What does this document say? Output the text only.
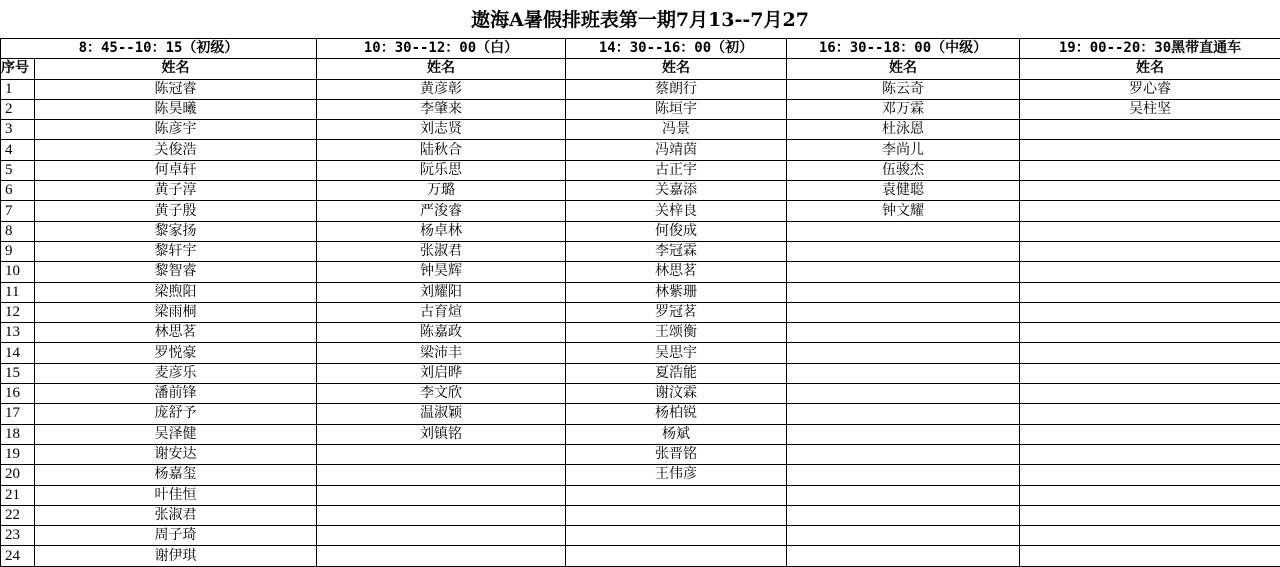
遨海A暑假排班表第一期7月13--7月27
8：45--10：15（初级）		10：30--12：00（白）	14：30--16：00（初）	16：30--18：00（中级）	19：00--20：30黑带直通车
序号	姓名	姓名	姓名	姓名	姓名
1	陈冠睿	黄彦彰	蔡朗行	陈云奇	罗心睿
2	陈昊曦	李肇来	陈垣宇	邓万霖	吴柱坚
3	陈彦宇	刘志贤	冯景	杜泳恩	
4	关俊浩	陆秋合	冯靖茵	李尚儿	
5	何卓轩	阮乐思	古正宇	伍骏杰	
6	黄子淳	万璐	关嘉添	袁健聪	
7	黄子殷	严浚睿	关梓良	钟文耀	
8	黎家扬	杨卓林	何俊成		
9	黎轩宇	张淑君	李冠霖		
10	黎智睿	钟昊辉	林思茗		
11	梁煦阳	刘耀阳	林紫珊		
12	梁雨桐	古育煊	罗冠茗		
13	林思茗	陈嘉政	王颂衡		
14	罗悦豪	梁沛丰	吴思宇		
15	麦彦乐	刘启晔	夏浩能		
16	潘前锋	李文欣	谢汶霖		
17	庞舒予	温淑颖	杨柏锐		
18	吴泽健	刘镇铭	杨斌		
19	谢安达		张晋铭		
20	杨嘉玺		王伟彦		
21	叶佳恒				
22	张淑君				
23	周子琦				
24	谢伊琪				
